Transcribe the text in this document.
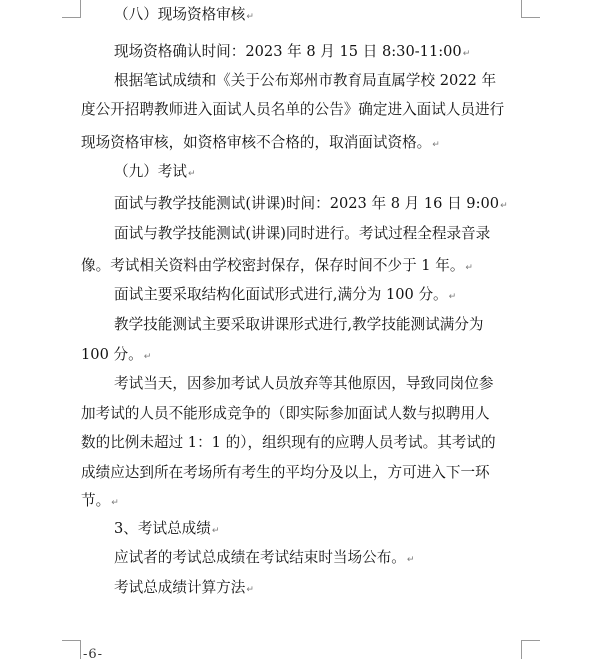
（八）现场资格审核↵
现场资格确认时间：2023 年 8 月 15 日 8:30-11:00↵
根据笔试成绩和《关于公布郑州市教育局直属学校 2022 年
度公开招聘教师进入面试人员名单的公告》确定进入面试人员进行
现场资格审核，如资格审核不合格的，取消面试资格。↵
（九）考试↵
面试与教学技能测试(讲课)时间：2023 年 8 月 16 日 9:00↵
面试与教学技能测试(讲课)同时进行。考试过程全程录音录
像。考试相关资料由学校密封保存，保存时间不少于 1 年。↵
面试主要采取结构化面试形式进行,满分为 100 分。↵
教学技能测试主要采取讲课形式进行,教学技能测试满分为
100 分。↵
考试当天，因参加考试人员放弃等其他原因，导致同岗位参
加考试的人员不能形成竞争的（即实际参加面试人数与拟聘用人
数的比例未超过 1：1 的），组织现有的应聘人员考试。其考试的
成绩应达到所在考场所有考生的平均分及以上，方可进入下一环
节。↵
3、考试总成绩↵
应试者的考试总成绩在考试结束时当场公布。↵
考试总成绩计算方法↵
-6-
